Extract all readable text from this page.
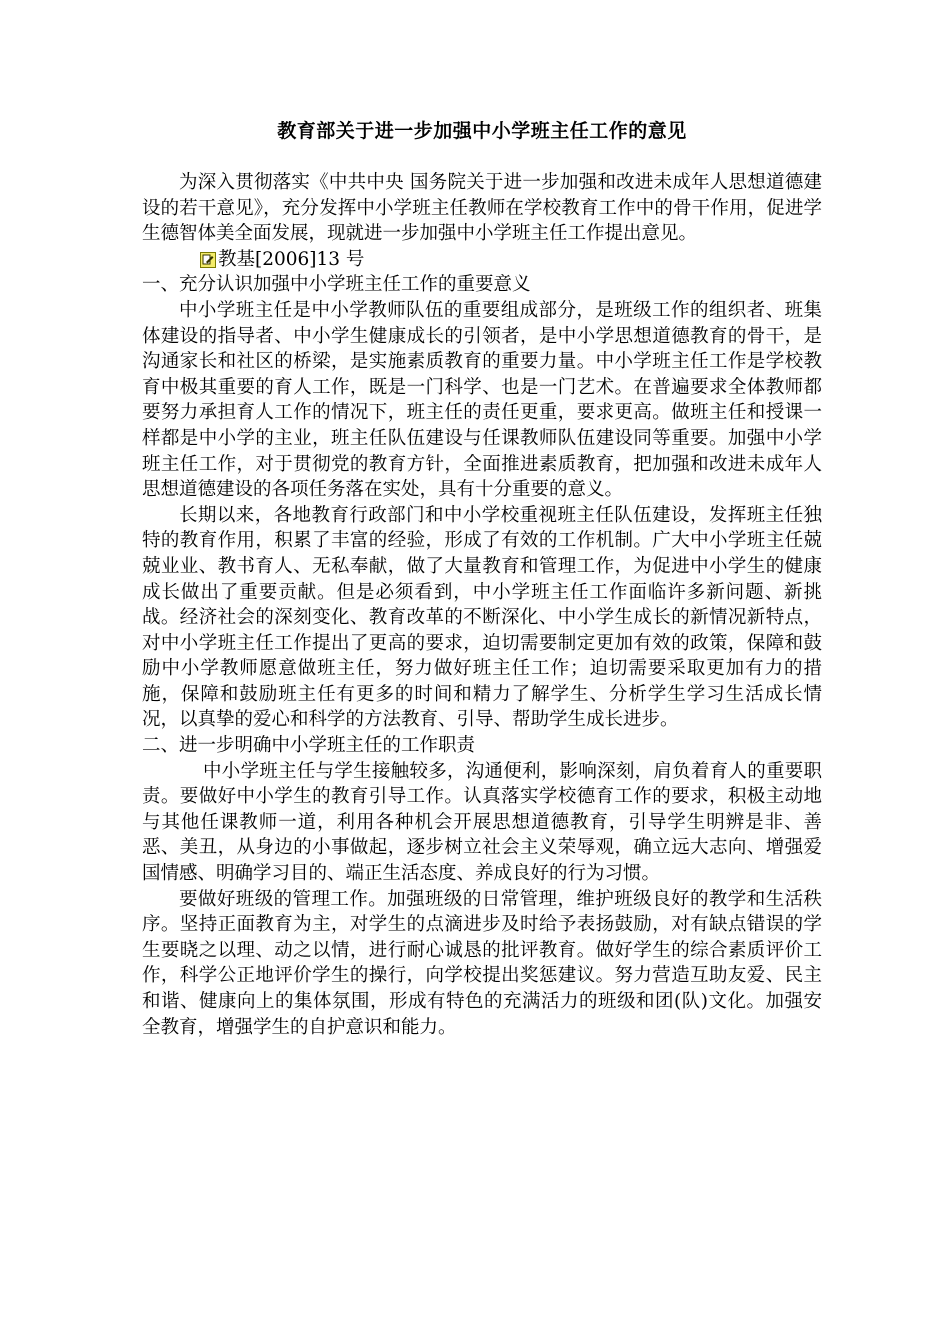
教育部关于进一步加强中小学班主任工作的意见

为深入贯彻落实《中共中央 国务院关于进一步加强和改进未成年人思想道德建设的若干意见》，充分发挥中小学班主任教师在学校教育工作中的骨干作用，促进学生德智体美全面发展，现就进一步加强中小学班主任工作提出意见。

教基[2006]13 号

一、充分认识加强中小学班主任工作的重要意义

中小学班主任是中小学教师队伍的重要组成部分，是班级工作的组织者、班集体建设的指导者、中小学生健康成长的引领者，是中小学思想道德教育的骨干，是沟通家长和社区的桥梁，是实施素质教育的重要力量。中小学班主任工作是学校教育中极其重要的育人工作，既是一门科学、也是一门艺术。在普遍要求全体教师都要努力承担育人工作的情况下，班主任的责任更重，要求更高。做班主任和授课一样都是中小学的主业，班主任队伍建设与任课教师队伍建设同等重要。加强中小学班主任工作，对于贯彻党的教育方针，全面推进素质教育，把加强和改进未成年人思想道德建设的各项任务落在实处，具有十分重要的意义。

长期以来，各地教育行政部门和中小学校重视班主任队伍建设，发挥班主任独特的教育作用，积累了丰富的经验，形成了有效的工作机制。广大中小学班主任兢兢业业、教书育人、无私奉献，做了大量教育和管理工作，为促进中小学生的健康成长做出了重要贡献。但是必须看到，中小学班主任工作面临许多新问题、新挑战。经济社会的深刻变化、教育改革的不断深化、中小学生成长的新情况新特点，对中小学班主任工作提出了更高的要求，迫切需要制定更加有效的政策，保障和鼓励中小学教师愿意做班主任，努力做好班主任工作；迫切需要采取更加有力的措施，保障和鼓励班主任有更多的时间和精力了解学生、分析学生学习生活成长情况，以真挚的爱心和科学的方法教育、引导、帮助学生成长进步。

二、进一步明确中小学班主任的工作职责

中小学班主任与学生接触较多，沟通便利，影响深刻，肩负着育人的重要职责。要做好中小学生的教育引导工作。认真落实学校德育工作的要求，积极主动地与其他任课教师一道，利用各种机会开展思想道德教育，引导学生明辨是非、善恶、美丑，从身边的小事做起，逐步树立社会主义荣辱观，确立远大志向、增强爱国情感、明确学习目的、端正生活态度、养成良好的行为习惯。

要做好班级的管理工作。加强班级的日常管理，维护班级良好的教学和生活秩序。坚持正面教育为主，对学生的点滴进步及时给予表扬鼓励，对有缺点错误的学生要晓之以理、动之以情，进行耐心诚恳的批评教育。做好学生的综合素质评价工作，科学公正地评价学生的操行，向学校提出奖惩建议。努力营造互助友爱、民主和谐、健康向上的集体氛围，形成有特色的充满活力的班级和团(队)文化。加强安全教育，增强学生的自护意识和能力。
